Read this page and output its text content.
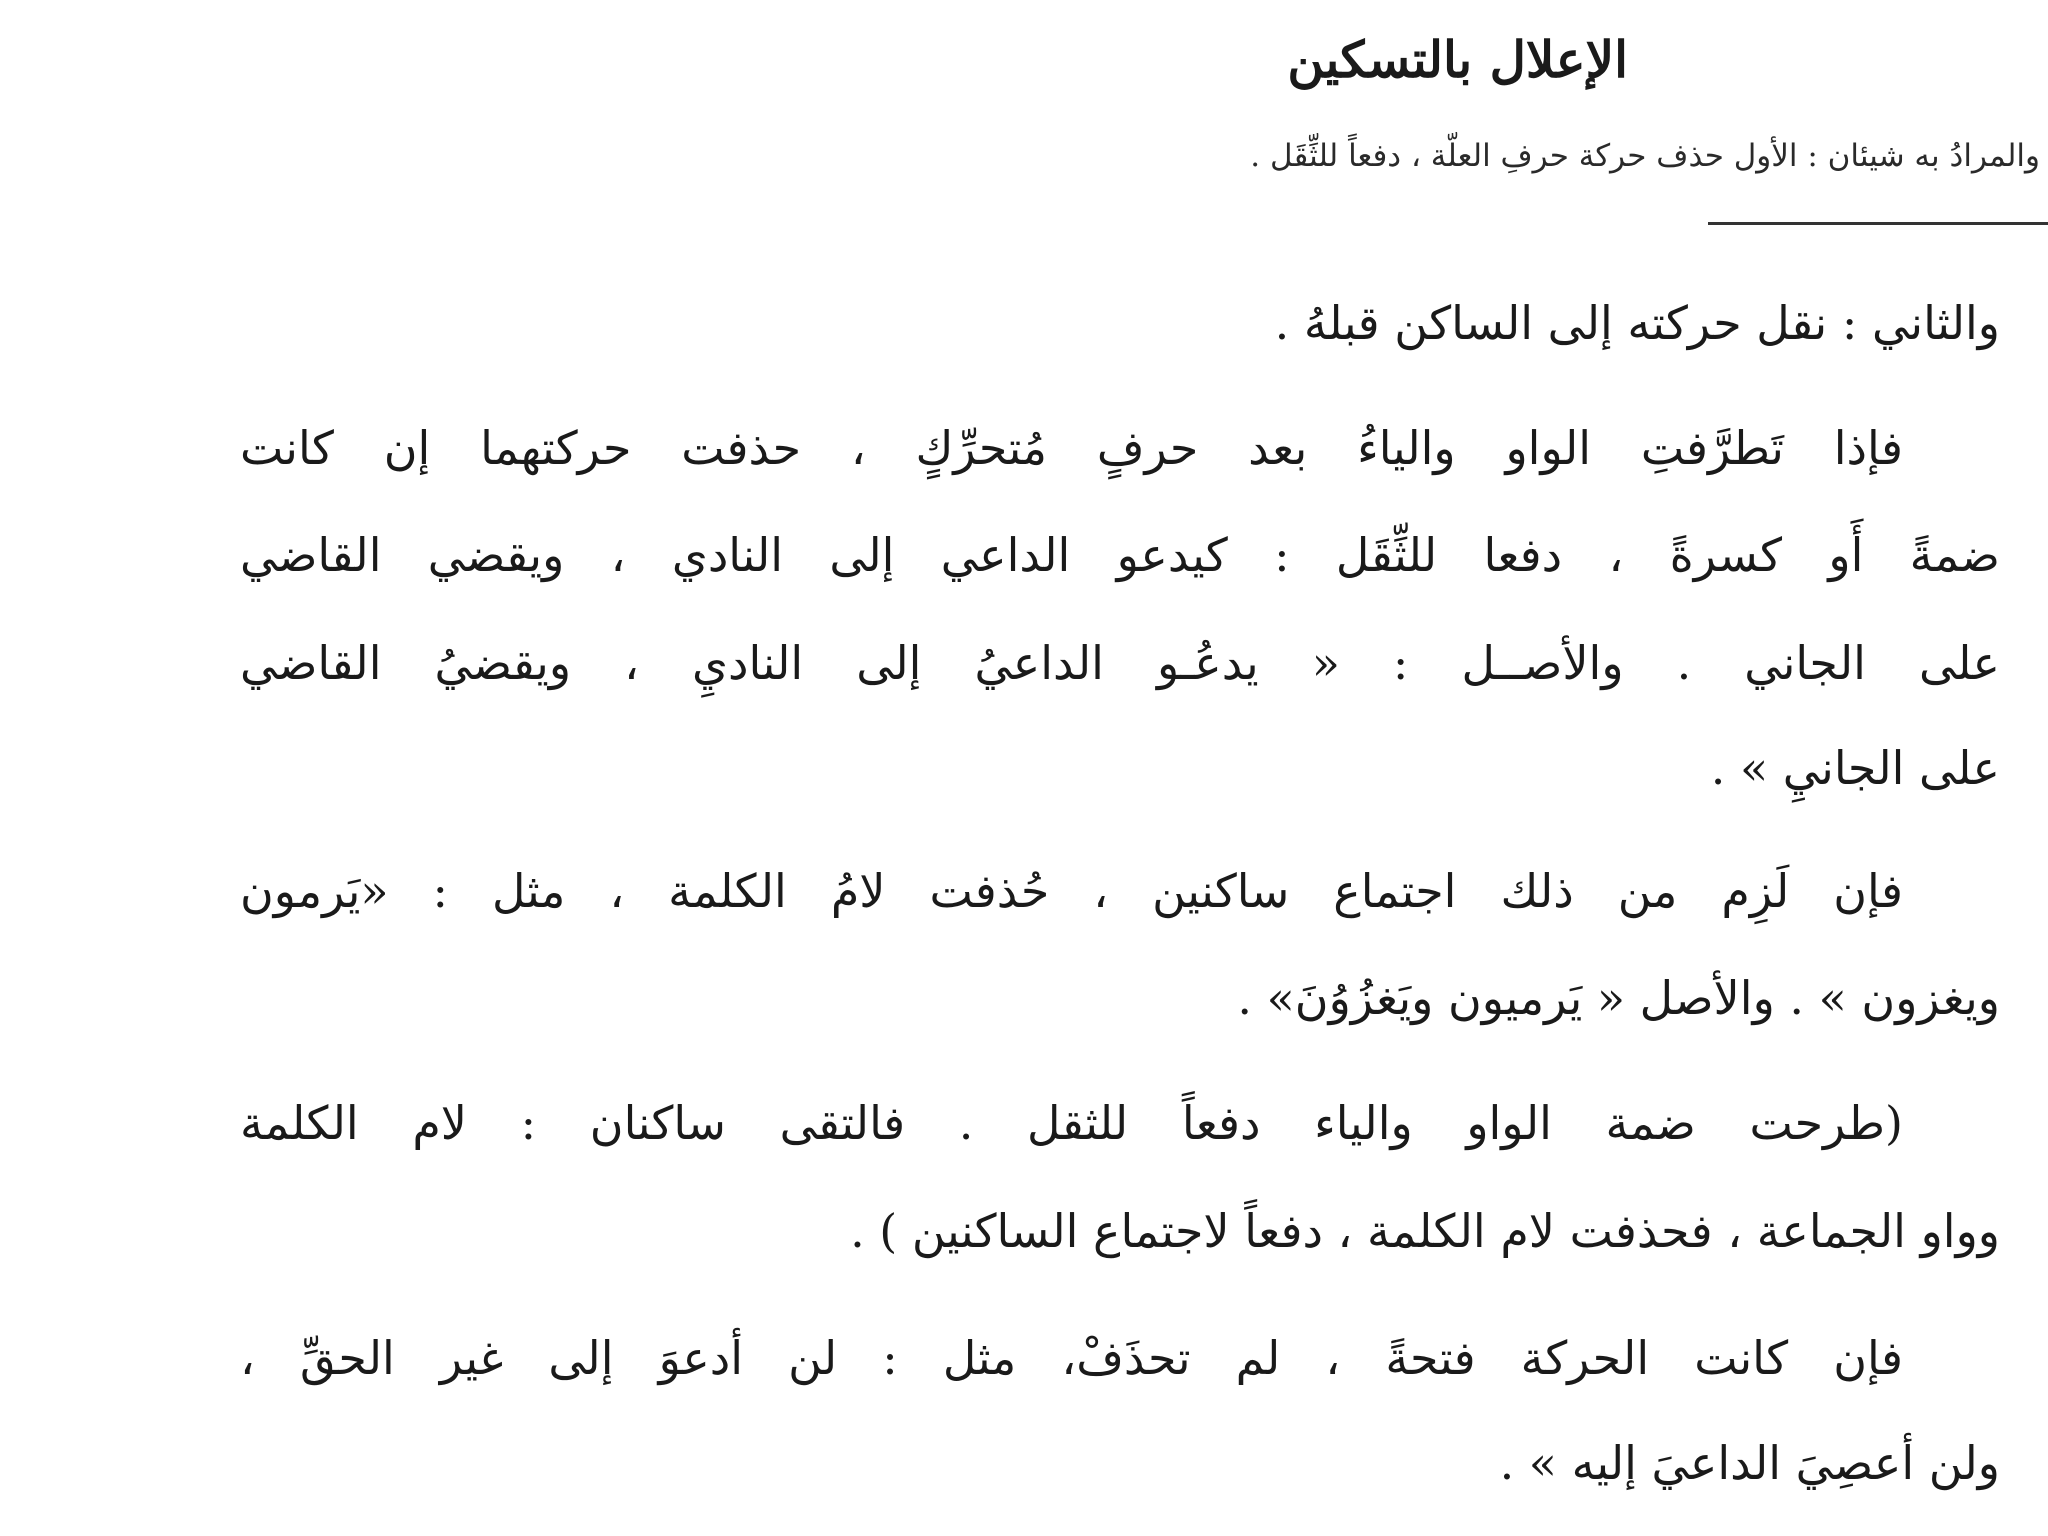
الإعلال بالتسكين
والمرادُ به شيئان : الأول حذف حركة حرفِ العلّة ، دفعاً للثِّقَل .
والثاني : نقل حركته إلى الساكن قبلهُ .
فإذا تَطرَّفتِ الواو والياءُ بعد حرفٍ مُتحرِّكٍ ، حذفت حركتهما إن كانت
ضمةً أَو كسرةً ، دفعا للثِّقَل : كيدعو الداعي إلى النادي ، ويقضي القاضي
على الجاني . والأصــل : « يدعُـو الداعيُ إلى الناديِ ، ويقضيُ القاضي
على الجانيِ » .
فإن لَزِم من ذلك اجتماع ساكنين ، حُذفت لامُ الكلمة ، مثل : «يَرمون
ويغزون » . والأصل « يَرميون ويَغزُوُنَ» .
(طرحت ضمة الواو والياء دفعاً للثقل . فالتقى ساكنان : لام الكلمة
وواو الجماعة ، فحذفت لام الكلمة ، دفعاً لاجتماع الساكنين ) .
فإن كانت الحركة فتحةً ، لم تحذَفْ، مثل : لن أدعوَ إلى غير الحقِّ ،
ولن أعصِيَ الداعيَ إليه » .
